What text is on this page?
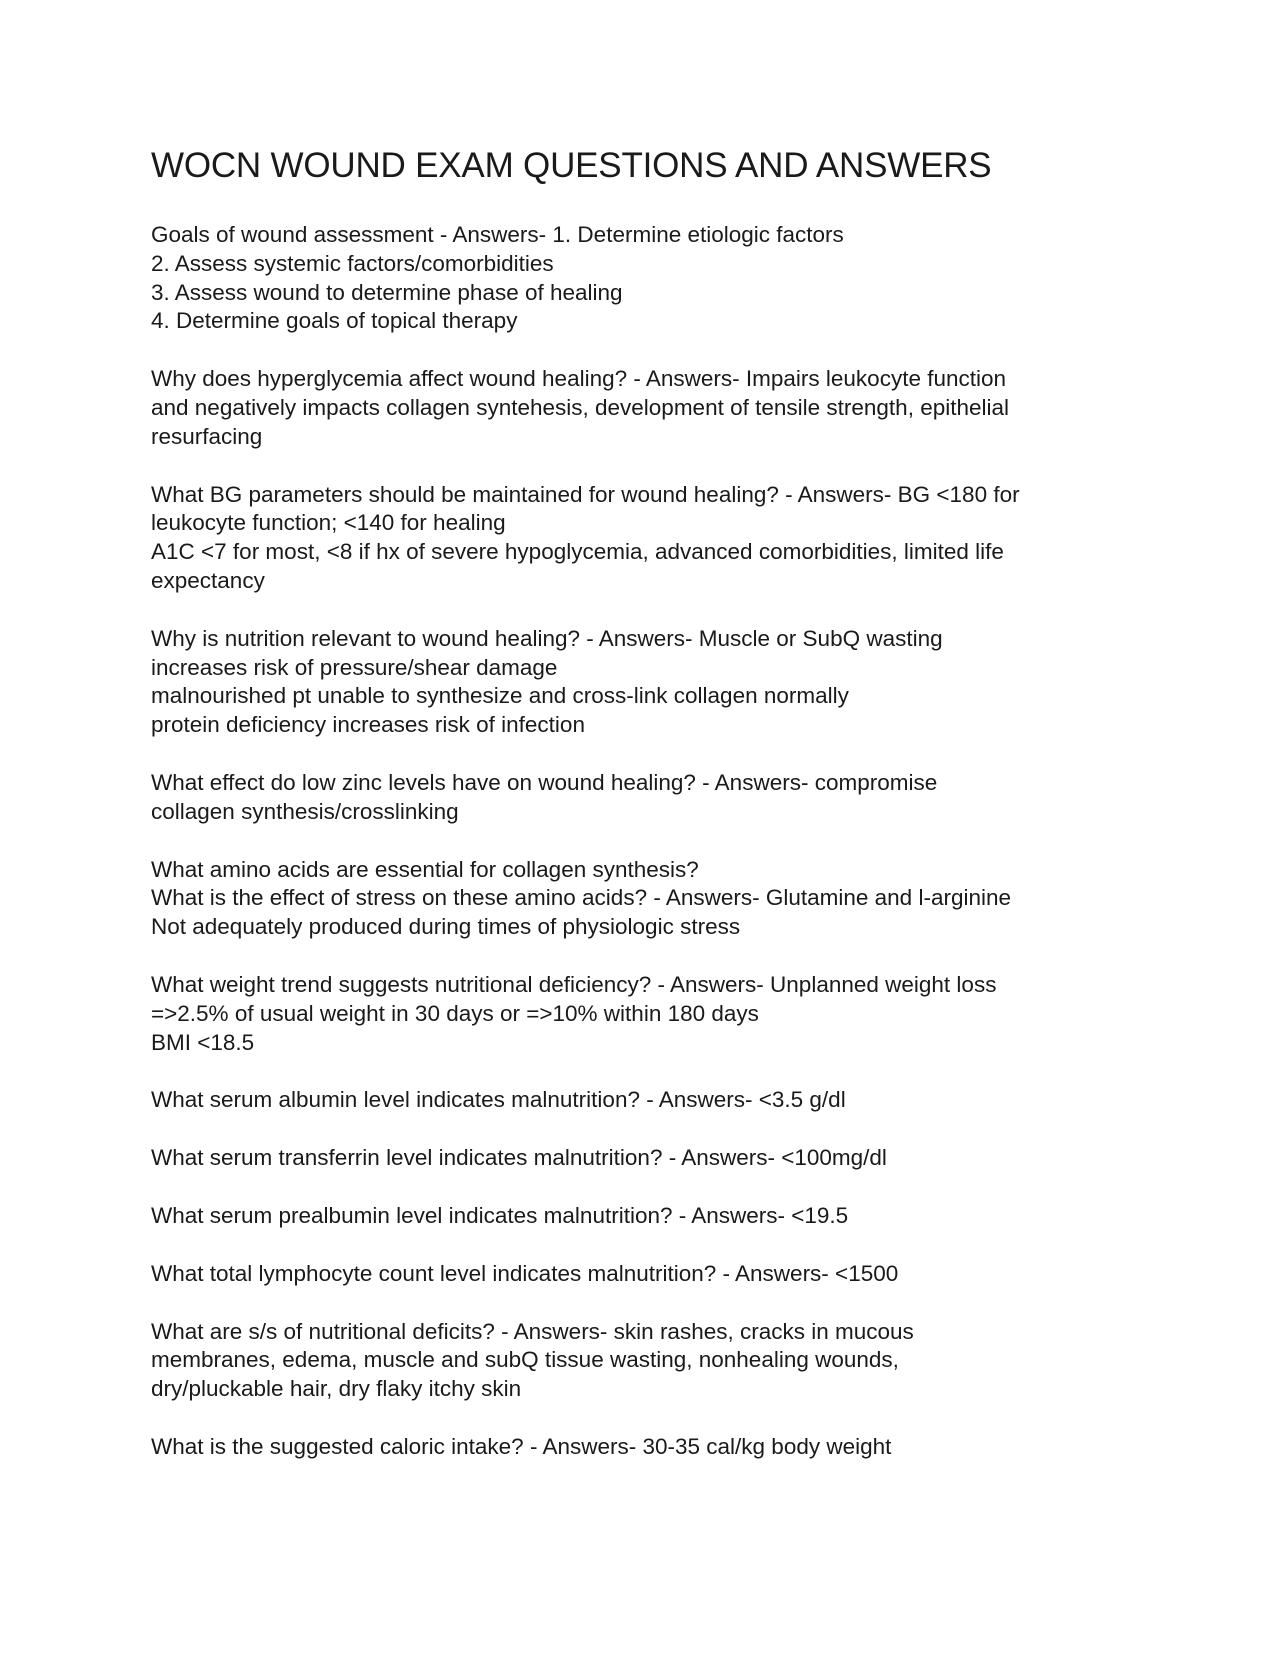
WOCN WOUND EXAM QUESTIONS AND ANSWERS
Goals of wound assessment - Answers- 1. Determine etiologic factors
2. Assess systemic factors/comorbidities
3. Assess wound to determine phase of healing
4. Determine goals of topical therapy
Why does hyperglycemia affect wound healing? - Answers- Impairs leukocyte function
and negatively impacts collagen syntehesis, development of tensile strength, epithelial
resurfacing
What BG parameters should be maintained for wound healing? - Answers- BG <180 for
leukocyte function; <140 for healing
A1C <7 for most, <8 if hx of severe hypoglycemia, advanced comorbidities, limited life
expectancy
Why is nutrition relevant to wound healing? - Answers- Muscle or SubQ wasting
increases risk of pressure/shear damage
malnourished pt unable to synthesize and cross-link collagen normally
protein deficiency increases risk of infection
What effect do low zinc levels have on wound healing? - Answers- compromise
collagen synthesis/crosslinking
What amino acids are essential for collagen synthesis?
What is the effect of stress on these amino acids? - Answers- Glutamine and l-arginine
Not adequately produced during times of physiologic stress
What weight trend suggests nutritional deficiency? - Answers- Unplanned weight loss
=>2.5% of usual weight in 30 days or =>10% within 180 days
BMI <18.5
What serum albumin level indicates malnutrition? - Answers- <3.5 g/dl
What serum transferrin level indicates malnutrition? - Answers- <100mg/dl
What serum prealbumin level indicates malnutrition? - Answers- <19.5
What total lymphocyte count level indicates malnutrition? - Answers- <1500
What are s/s of nutritional deficits? - Answers- skin rashes, cracks in mucous
membranes, edema, muscle and subQ tissue wasting, nonhealing wounds,
dry/pluckable hair, dry flaky itchy skin
What is the suggested caloric intake? - Answers- 30-35 cal/kg body weight
